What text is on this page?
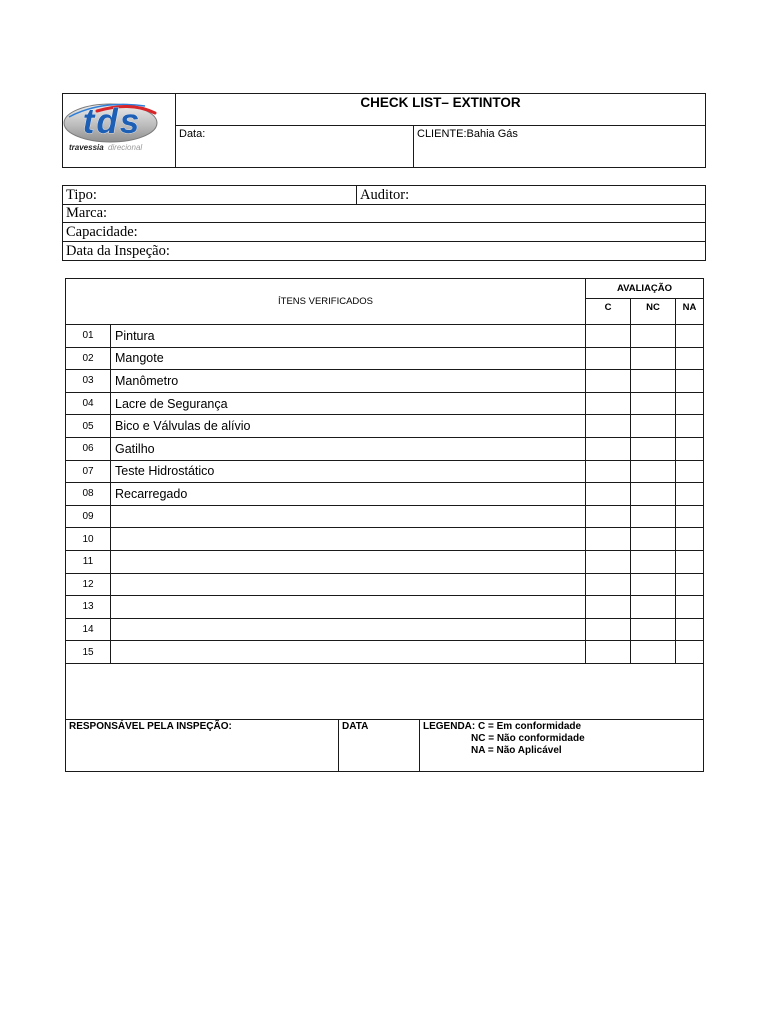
tds
travessia direcional	CHECK LIST– EXTINTOR	
	Data:	CLIENTE:Bahia Gás
Tipo:	Auditor:
Marca:
Capacidade:
Data da Inspeção:
ÍTENS VERIFICADOS				AVALIAÇÃO		
				C	NC	NA
01	Pintura					
02	Mangote					
03	Manômetro					
04	Lacre de Segurança					
05	Bico e Válvulas de alívio					
06	Gatilho					
07	Teste Hidrostático					
08	Recarregado					
09						
10						
11						
12						
13						
14						
15						

RESPONSÁVEL PELA INSPEÇÃO:		DATA	LEGENDA: C = Em conformidade
NC = Não conformidade
NA = Não Aplicável			
